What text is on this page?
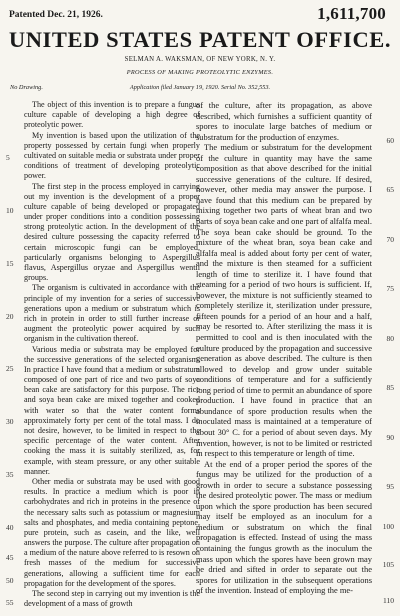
Patented Dec. 21, 1926.	1,611,700
UNITED STATES PATENT OFFICE.
SELMAN A. WAKSMAN, OF NEW YORK, N. Y.
PROCESS OF MAKING PROTEOLYTIC ENZYMES.
No Drawing.	Application filed January 19, 1920. Serial No. 352,553.

The object of this invention is to prepare a fungus culture capable of developing a high degree of proteolytic power.

My invention is based upon the utilization of the property possessed by certain fungi when properly cultivated on suitable media or substrata under proper conditions of treatment of developing proteolytic power.

The first step in the process employed in carrying out my invention is the development of a proper culture capable of being developed or propagated under proper conditions into a condition possessing strong proteolytic action. In the development of the desired culture possessing the capacity referred to certain microscopic fungi can be employed, particularly organisms belonging to Aspergillus flavus, Aspergillus oryzae and Aspergillus wentii groups.

The organism is cultivated in accordance with the principle of my invention for a series of successive generations upon a medium or substratum which is rich in protein in order to still further increase or augment the proteolytic power acquired by such organism in the cultivation thereof.

Various media or substrata may be employed for the successive generations of the selected organism. In practice I have found that a medium or substratum composed of one part of rice and two parts of soya bean cake are satisfactory for this purpose. The rice and soya bean cake are mixed together and cooked with water so that the water content forms approximately forty per cent of the total mass. I do not desire, however, to be limited in respect to the specific percentage of the water content. After cooking the mass it is suitably sterilized, as, for example, with steam pressure, or any other suitable manner.

Other media or substrata may be used with good results. In practice a medium which is poor in carbohydrates and rich in proteins in the presence of the necessary salts such as potassium or magnesium salts and phosphates, and media containing peptone, pure protein, such as casein, and the like, well answers the purpose. The culture after propagation on a medium of the nature above referred to is resown on fresh masses of the medium for successive generations, allowing a sufficient time for each propagation for the development of the spores.

The second step in carrying out my invention is the development of a mass of growth

of the culture, after its propagation, as above described, which furnishes a sufficient quantity of spores to inoculate large batches of medium or substratum for the production of enzymes.

The medium or substratum for the development of the culture in quantity may have the same composition as that above described for the initial successive generations of the culture. If desired, however, other media may answer the purpose. I have found that this medium can be prepared by mixing together two parts of wheat bran and two parts of soya bean cake and one part of alfalfa meal. The soya bean cake should be ground. To the mixture of the wheat bran, soya bean cake and alfalfa meal is added about forty per cent of water, and the mixture is then steamed for a sufficient length of time to sterilize it. I have found that steaming for a period of two hours is sufficient. If, however, the mixture is not sufficiently steamed to completely sterilize it, sterilization under pressure, fifteen pounds for a period of an hour and a half, may be resorted to. After sterilizing the mass it is permitted to cool and is then inoculated with the culture produced by the propagation and successive generation as above described. The culture is then allowed to develop and grow under suitable conditions of temperature and for a sufficiently long period of time to permit an abundance of spore production. I have found in practice that an abundance of spore production results when the inoculated mass is maintained at a temperature of about 30° C. for a period of about seven days. My invention, however, is not to be limited or restricted in respect to this temperature or length of time.

At the end of a proper period the spores of the fungus may be utilized for the production of a growth in order to secure a substance possessing the desired proteolytic power. The mass or medium upon which the spore production has been secured may itself be employed as an inoculum for a medium or substratum on which the final propagation is effected. Instead of using the mass containing the fungus growth as the inoculum the mass upon which the spores have been grown may be dried and sifted in order to separate out the spores for utilization in the subsequent operations of the invention. Instead of employing the me-

5
10
15
20
25
30
35
40
45
50
55
60
65
70
75
80
85
90
95
100
105
110
